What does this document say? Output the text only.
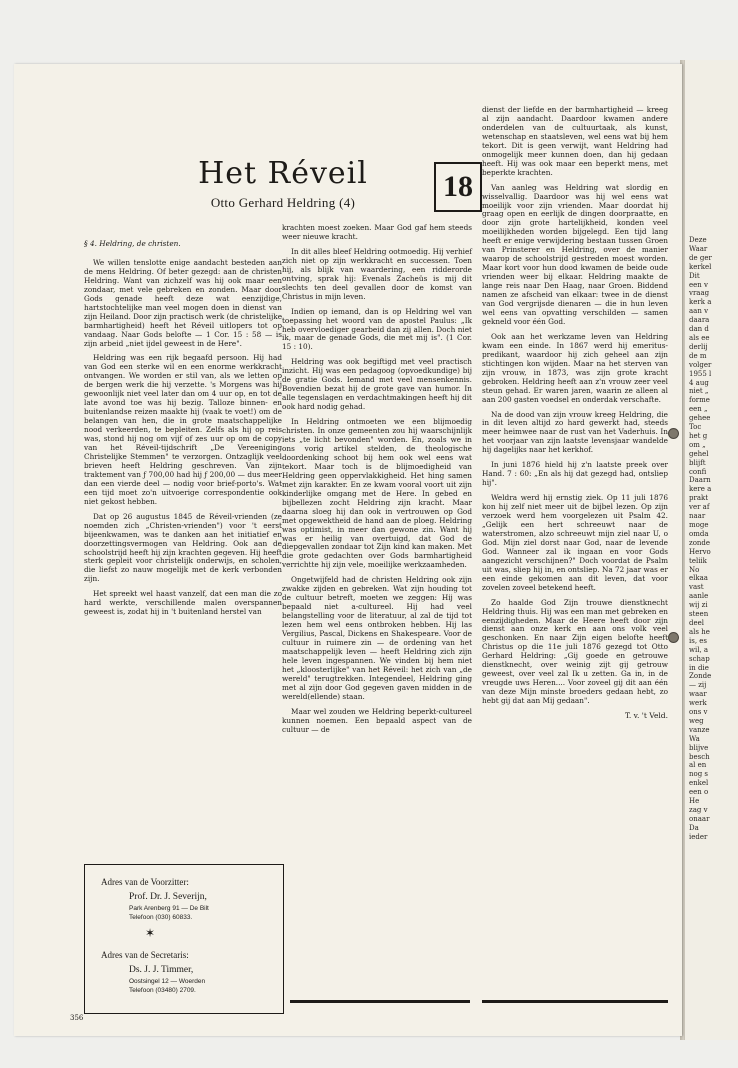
Het Réveil
Otto Gerhard Heldring (4)	18

§ 4. Heldring, de christen.

We willen tenslotte enige aandacht besteden aan de mens Heldring. Of beter gezegd: aan de christen Heldring. Want van zichzelf was hij ook maar een zondaar, met vele gebreken en zonden. Maar door Gods genade heeft deze wat eenzijdige, hartstochtelijke man veel mogen doen in dienst van zijn Heiland. Door zijn practisch werk (de christelijke barmhartigheid) heeft het Réveil uitlopers tot op vandaag. Naar Gods belofte — 1 Cor. 15 : 58 — is zijn arbeid „niet ijdel geweest in de Here".

Heldring was een rijk begaafd persoon. Hij had van God een sterke wil en een enorme werkkracht ontvangen. We worden er stil van, als we letten op de bergen werk die hij verzette. 's Morgens was hij gewoonlijk niet veel later dan om 4 uur op, en tot de late avond toe was hij bezig. Talloze binnen- en buitenlandse reizen maakte hij (vaak te voet!) om de belangen van hen, die in grote maatschappelijke nood verkeerden, te bepleiten. Zelfs als hij op reis was, stond hij nog om vijf of zes uur op om de copy van het Réveil-tijdschrift „De Vereeniging Christelijke Stemmen" te verzorgen. Ontzaglijk veel brieven heeft Heldring geschreven. Van zijn traktement van ƒ 700,00 had hij ƒ 200,00 — dus meer dan een vierde deel — nodig voor brief-porto's. Wat een tijd moet zo'n uitvoerige correspondentie ook niet gekost hebben.

Dat op 26 augustus 1845 de Réveil-vrienden (ze noemden zich „Christen-vrienden") voor 't eerst bijeenkwamen, was te danken aan het initiatief en doorzettingsvermogen van Heldring. Ook aan de schoolstrijd heeft hij zijn krachten gegeven. Hij heeft sterk gepleit voor christelijk onderwijs, en scholen, die liefst zo nauw mogelijk met de kerk verbonden zijn.

Het spreekt wel haast vanzelf, dat een man die zo hard werkte, verschillende malen overspannen geweest is, zodat hij in 't buitenland herstel van

krachten moest zoeken. Maar God gaf hem steeds weer nieuwe kracht.

In dit alles bleef Heldring ootmoedig. Hij verhief zich niet op zijn werkkracht en successen. Toen hij, als blijk van waardering, een ridderorde ontving, sprak hij: Evenals Zacheüs is mij dit slechts ten deel gevallen door de komst van Christus in mijn leven.

Indien op iemand, dan is op Heldring wel van toepassing het woord van de apostel Paulus: „Ik heb overvloediger gearbeid dan zij allen. Doch niet ik, maar de genade Gods, die met mij is". (1 Cor. 15 : 10).

Heldring was ook begiftigd met veel practisch inzicht. Hij was een pedagoog (opvoedkundige) bij de gratie Gods. Iemand met veel mensenkennis. Bovendien bezat hij de grote gave van humor. In alle tegenslagen en verdachtmakingen heeft hij dit ook hard nodig gehad.

In Heldring ontmoeten we een blijmoedig christen. In onze gemeenten zou hij waarschijnlijk iets „te licht bevonden" worden. En, zoals we in ons vorig artikel stelden, de theologische doordenking schoot bij hem ook wel eens wat tekort. Maar toch is de blijmoedigheid van Heldring geen oppervlakkigheid. Het hing samen met zijn karakter. En ze kwam vooral voort uit zijn kinderlijke omgang met de Here. In gebed en bijbellezen zocht Heldring zijn kracht. Maar daarna sloeg hij dan ook in vertrouwen op God met opgewektheid de hand aan de ploeg. Heldring was optimist, in meer dan gewone zin. Want hij was er heilig van overtuigd, dat God de diepgevallen zondaar tot Zijn kind kan maken. Met die grote gedachten over Gods barmhartigheid verrichtte hij zijn vele, moeilijke werkzaamheden.

Ongetwijfeld had de christen Heldring ook zijn zwakke zijden en gebreken. Wat zijn houding tot de cultuur betreft, moeten we zeggen: Hij was bepaald niet a-cultureel. Hij had veel belangstelling voor de literatuur, al zal de tijd tot lezen hem wel eens ontbroken hebben. Hij las Vergilius, Pascal, Dickens en Shakespeare. Voor de cultuur in ruimere zin — de ordening van het maatschappelijk leven — heeft Heldring zich zijn hele leven ingespannen. We vinden bij hem niet het „kloosterlijke" van het Réveil: het zich van „de wereld" terugtrekken. Integendeel, Heldring ging met al zijn door God gegeven gaven midden in de wereld(ellende) staan.

Maar wel zouden we Heldring beperkt-cultureel kunnen noemen. Een bepaald aspect van de cultuur — de

dienst der liefde en der barmhartigheid — kreeg al zijn aandacht. Daardoor kwamen andere onderdelen van de cultuurtaak, als kunst, wetenschap en staatsleven, wel eens wat bij hem tekort. Dit is geen verwijt, want Heldring had onmogelijk meer kunnen doen, dan hij gedaan heeft. Hij was ook maar een beperkt mens, met beperkte krachten.

Van aanleg was Heldring wat slordig en wisselvallig. Daardoor was hij wel eens wat moeilijk voor zijn vrienden. Maar doordat hij graag open en eerlijk de dingen doorpraatte, en door zijn grote hartelijkheid, konden veel moeilijkheden worden bijgelegd. Een tijd lang heeft er enige verwijdering bestaan tussen Groen van Prinsterer en Heldring, over de manier waarop de schoolstrijd gestreden moest worden. Maar kort voor hun dood kwamen de beide oude vrienden weer bij elkaar. Heldring maakte de lange reis naar Den Haag, naar Groen. Biddend namen ze afscheid van elkaar: twee in de dienst van God vergrijsde dienaren — die in hun leven wel eens van opvatting verschilden — samen gekneld voor één God.

Ook aan het werkzame leven van Heldring kwam een einde. In 1867 werd hij emeritus-predikant, waardoor hij zich geheel aan zijn stichtingen kon wijden. Maar na het sterven van zijn vrouw, in 1873, was zijn grote kracht gebroken. Heldring heeft aan z'n vrouw zeer veel steun gehad. Er waren jaren, waarin ze alleen al aan 200 gasten voedsel en onderdak verschafte.

Na de dood van zijn vrouw kreeg Heldring, die in dit leven altijd zo hard gewerkt had, steeds meer heimwee naar de rust van het Vaderhuis. In het voorjaar van zijn laatste levensjaar wandelde hij dagelijks naar het kerkhof.

In juni 1876 hield hij z'n laatste preek over Hand. 7 : 60: „En als hij dat gezegd had, ontsliep hij".

Weldra werd hij ernstig ziek. Op 11 juli 1876 kon hij zelf niet meer uit de bijbel lezen. Op zijn verzoek werd hem voorgelezen uit Psalm 42. „Gelijk een hert schreeuwt naar de waterstromen, alzo schreeuwt mijn ziel naar U, o God. Mijn ziel dorst naar God, naar de levende God. Wanneer zal ik ingaan en voor Gods aangezicht verschijnen?" Doch voordat de Psalm uit was, sliep hij in, en ontsliep. Na 72 jaar was er een einde gekomen aan dit leven, dat voor zovelen zoveel betekend heeft.

Zo haalde God Zijn trouwe dienstknecht Heldring thuis. Hij was een man met gebreken en eenzijdigheden. Maar de Heere heeft door zijn dienst aan onze kerk en aan ons volk veel geschonken. En naar Zijn eigen belofte heeft Christus op die 11e juli 1876 gezegd tot Otto Gerhard Heldring: „Gij goede en getrouwe dienstknecht, over weinig zijt gij getrouw geweest, over veel zal Ik u zetten. Ga in, in de vreugde uws Heren.... Voor zoveel gij dit aan één van deze Mijn minste broeders gedaan hebt, zo hebt gij dat aan Mij gedaan".

T. v. 't Veld.

Adres van de Voorzitter:
Prof. Dr. J. Severijn,
Park Arenberg 91 — De Bilt
Telefoon (030) 60833.
✶
Adres van de Secretaris:
Ds. J. J. Timmer,
Oostsingel 12 — Woerden
Telefoon (03480) 2709.
356
Deze
Waar
de ger
kerkel
Dit
een v
vraag
kerk a
aan v
daara
dan d
als ee
derlij
de m
volger
1955 l
4 aug
niet „
forme
een „
gehee
Toc
het g
om „
gehel
blijft
confi
Daarn
kere a
prakt
ver af
naar
moge
omda
zonde
Hervo
teliik
No
elkaa
vast
aanle
wij zi
steen
deel
als he
is, es
wil, a
schap
in die
Zonde
— zij
waar
werk
ons v
weg
vanze
Wa
blijve
besch
al en
nog s
enkel
een o
He
zag v
onaar
Da
ieder
